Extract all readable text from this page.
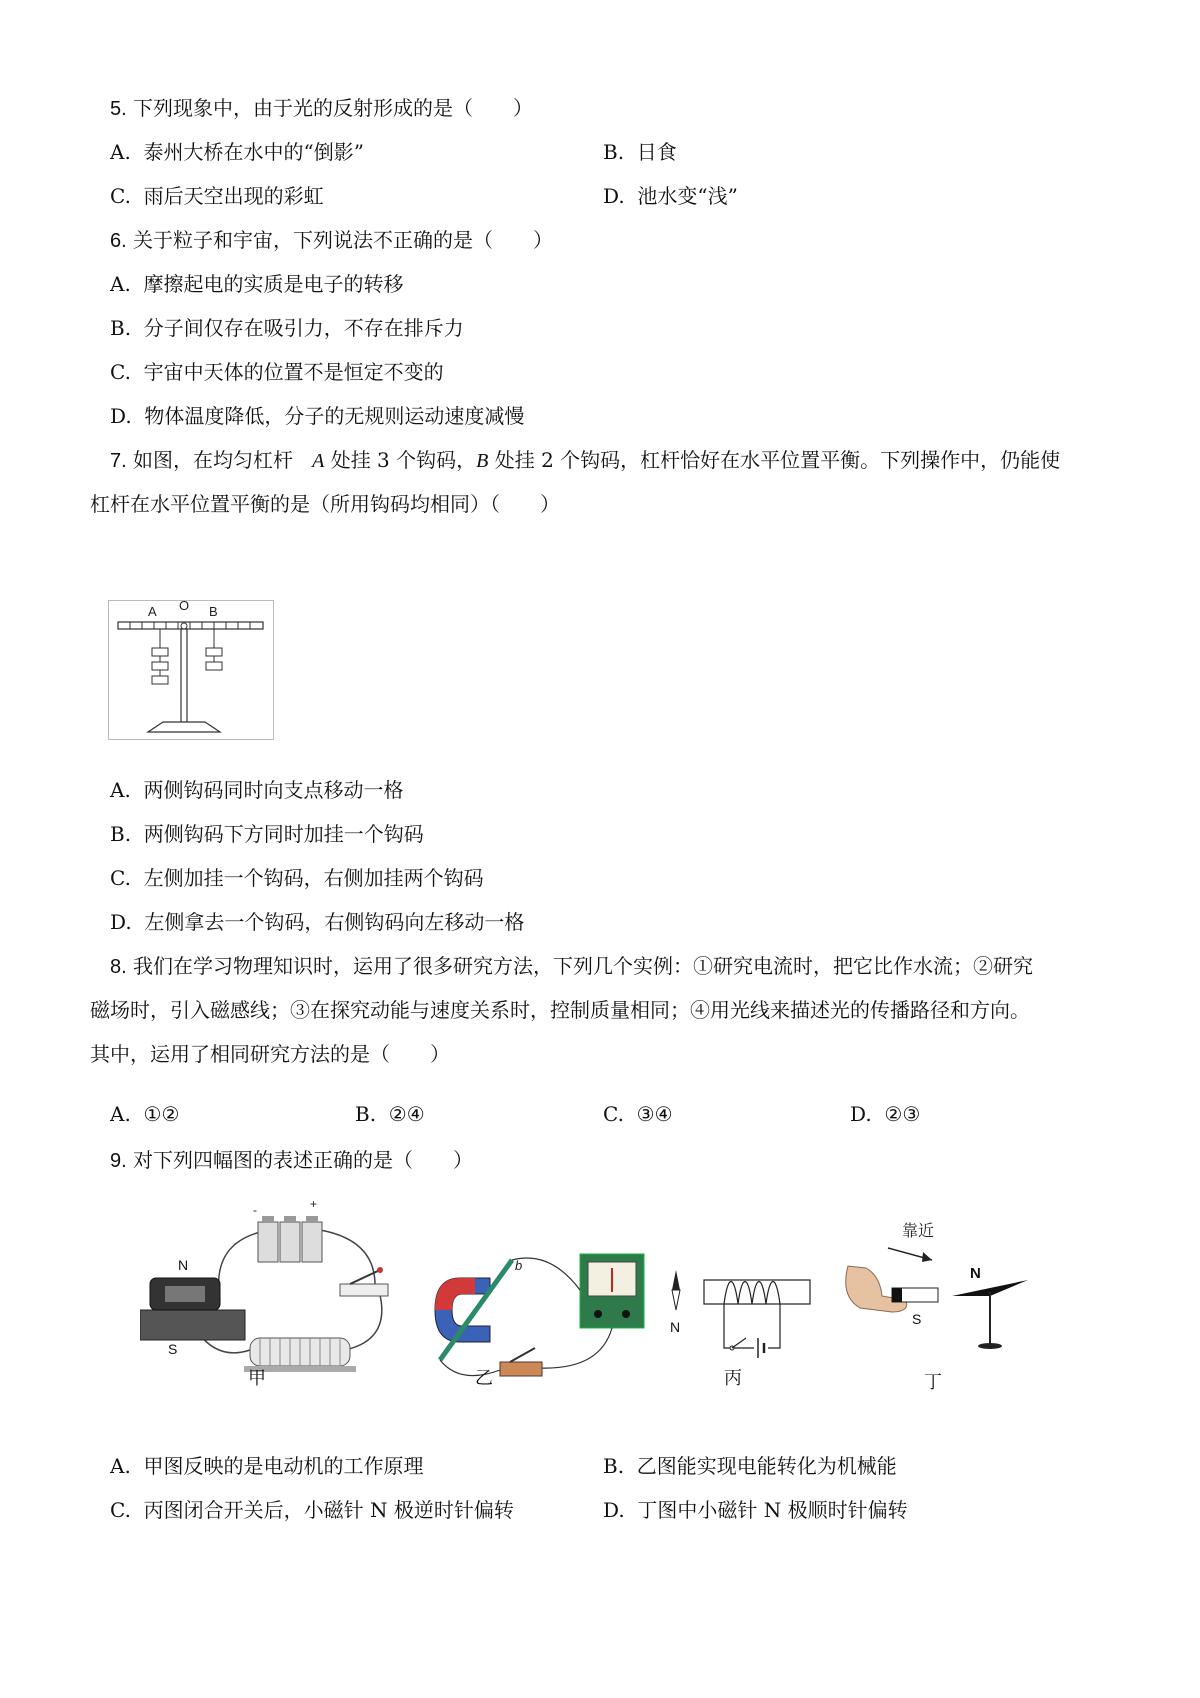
5. 下列现象中，由于光的反射形成的是（　　）
A. 泰州大桥在水中的“倒影”	B. 日食
C. 雨后天空出现的彩虹	D. 池水变“浅”
6. 关于粒子和宇宙，下列说法不正确的是（　　）
A. 摩擦起电的实质是电子的转移
B. 分子间仅存在吸引力，不存在排斥力
C. 宇宙中天体的位置不是恒定不变的
D. 物体温度降低，分子的无规则运动速度减慢
7. 如图，在均匀杠杆 A 处挂 3 个钩码，B 处挂 2 个钩码，杠杆恰好在水平位置平衡。下列操作中，仍能使
杠杆在水平位置平衡的是（所用钩码均相同）（　　）
A O B
A. 两侧钩码同时向支点移动一格
B. 两侧钩码下方同时加挂一个钩码
C. 左侧加挂一个钩码，右侧加挂两个钩码
D. 左侧拿去一个钩码，右侧钩码向左移动一格
8. 我们在学习物理知识时，运用了很多研究方法，下列几个实例：①研究电流时，把它比作水流；②研究
磁场时，引入磁感线；③在探究动能与速度关系时，控制质量相同；④用光线来描述光的传播路径和方向。
其中，运用了相同研究方法的是（　　）
A. ①②	B. ②④	C. ③④	D. ②③
9. 对下列四幅图的表述正确的是（　　）
-	+
N
S
甲
b
乙
N
丙
靠近
S
N
丁
A. 甲图反映的是电动机的工作原理	B. 乙图能实现电能转化为机械能
C. 丙图闭合开关后，小磁针 N 极逆时针偏转	D. 丁图中小磁针 N 极顺时针偏转
